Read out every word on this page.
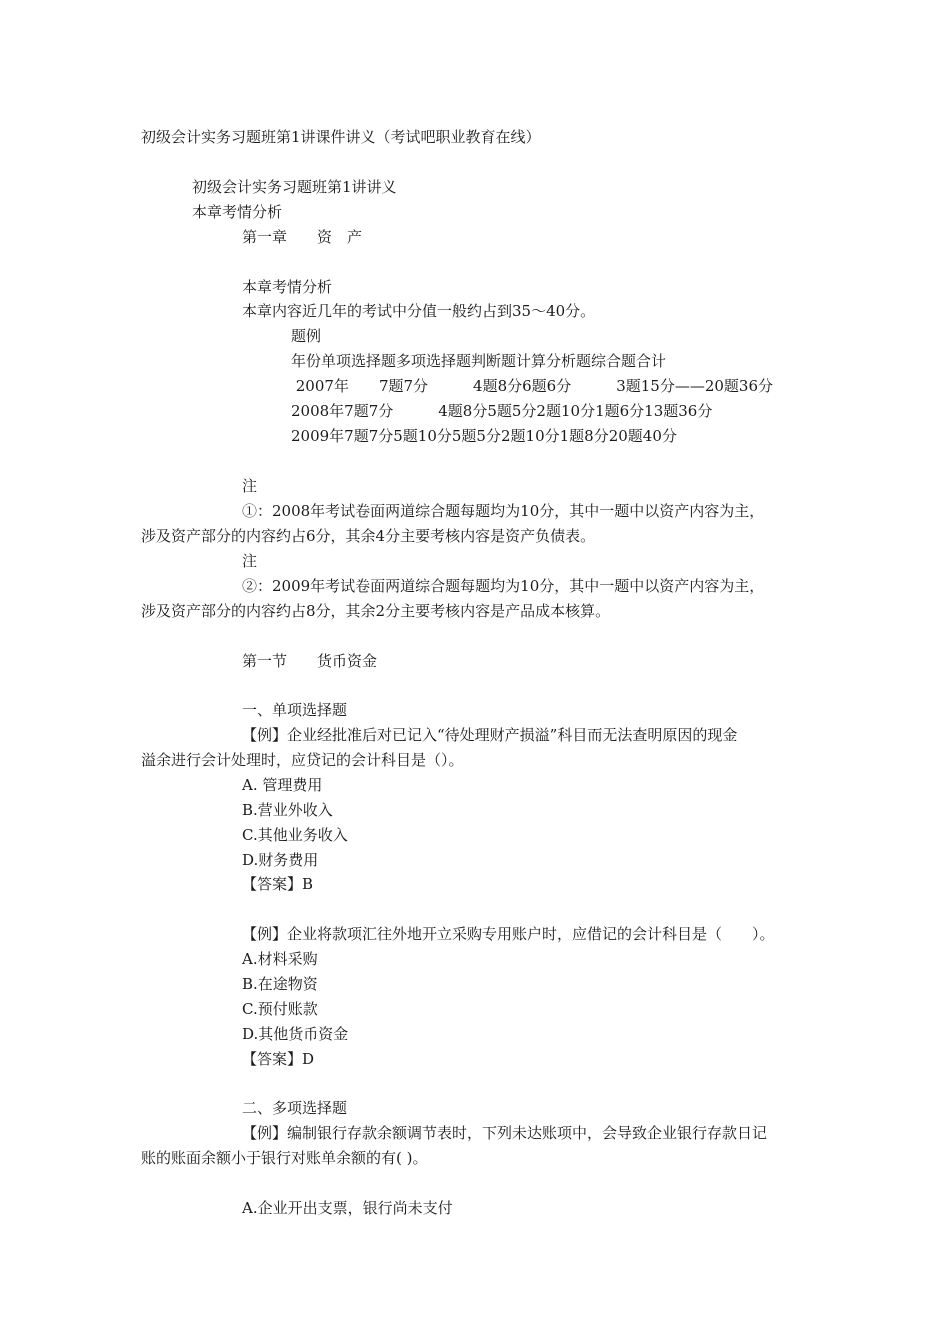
初级会计实务习题班第1讲课件讲义（考试吧职业教育在线）

初级会计实务习题班第1讲讲义

本章考情分析

第一章　　资　产

本章考情分析

本章内容近几年的考试中分值一般约占到35～40分。

题例

年份单项选择题多项选择题判断题计算分析题综合题合计

2007年　　7题7分　　　4题8分6题6分　　　3题15分——20题36分

2008年7题7分　　　4题8分5题5分2题10分1题6分13题36分

2009年7题7分5题10分5题5分2题10分1题8分20题40分

注

①：2008年考试卷面两道综合题每题均为10分，其中一题中以资产内容为主，

涉及资产部分的内容约占6分，其余4分主要考核内容是资产负债表。

注

②：2009年考试卷面两道综合题每题均为10分，其中一题中以资产内容为主，

涉及资产部分的内容约占8分，其余2分主要考核内容是产品成本核算。

第一节　　货币资金

一、单项选择题

【例】企业经批准后对已记入“待处理财产损溢”科目而无法查明原因的现金

溢余进行会计处理时，应贷记的会计科目是（）。

A. 管理费用

B.营业外收入

C.其他业务收入

D.财务费用

【答案】B

【例】企业将款项汇往外地开立采购专用账户时，应借记的会计科目是（　　）。

A.材料采购

B.在途物资

C.预付账款

D.其他货币资金

【答案】D

二、多项选择题

【例】编制银行存款余额调节表时，下列未达账项中，会导致企业银行存款日记

账的账面余额小于银行对账单余额的有( )。

A.企业开出支票，银行尚未支付
